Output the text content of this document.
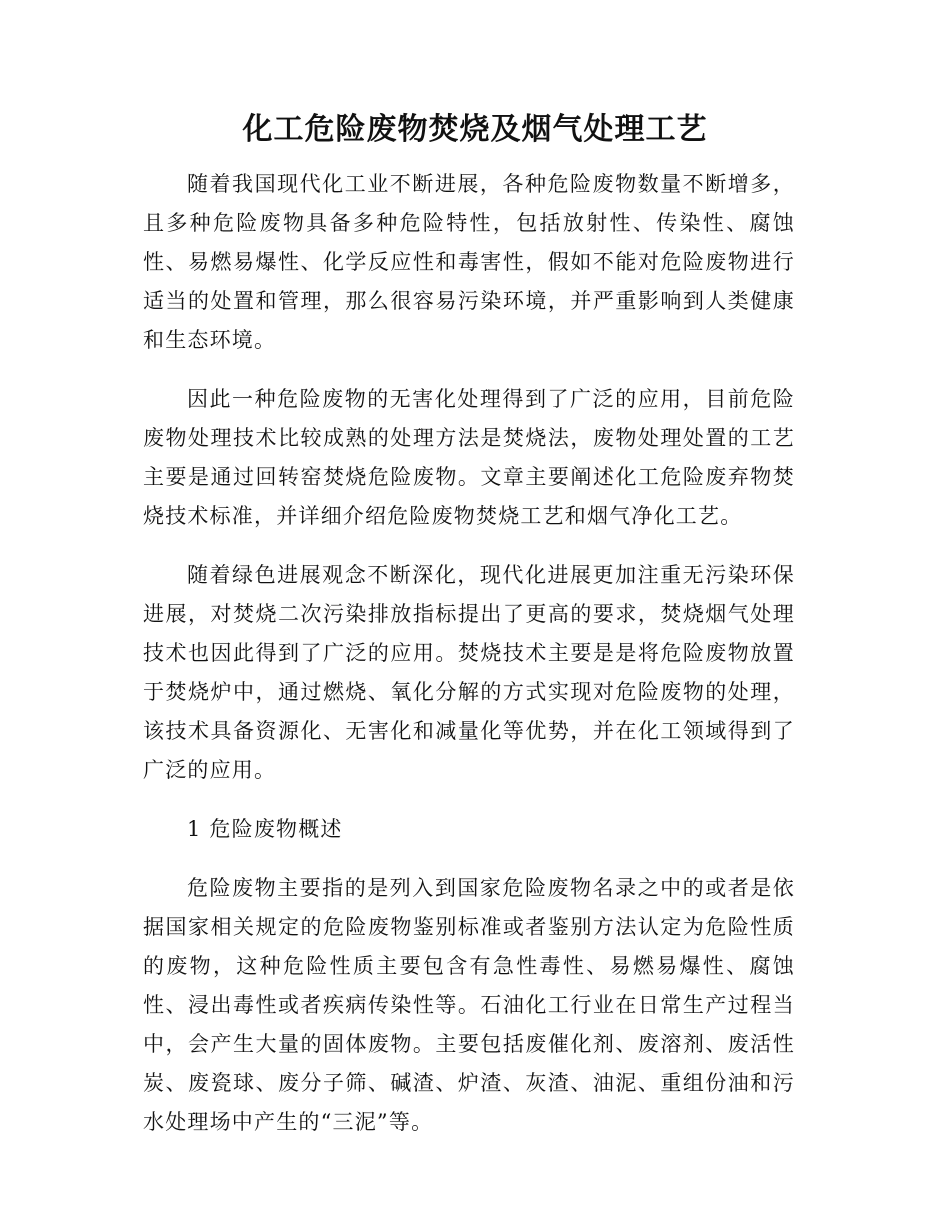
化工危险废物焚烧及烟气处理工艺

随着我国现代化工业不断进展，各种危险废物数量不断增多，且多种危险废物具备多种危险特性，包括放射性、传染性、腐蚀性、易燃易爆性、化学反应性和毒害性，假如不能对危险废物进行适当的处置和管理，那么很容易污染环境，并严重影响到人类健康和生态环境。

因此一种危险废物的无害化处理得到了广泛的应用，目前危险废物处理技术比较成熟的处理方法是焚烧法，废物处理处置的工艺主要是通过回转窑焚烧危险废物。文章主要阐述化工危险废弃物焚烧技术标准，并详细介绍危险废物焚烧工艺和烟气净化工艺。

随着绿色进展观念不断深化，现代化进展更加注重无污染环保进展，对焚烧二次污染排放指标提出了更高的要求，焚烧烟气处理技术也因此得到了广泛的应用。焚烧技术主要是是将危险废物放置于焚烧炉中，通过燃烧、氧化分解的方式实现对危险废物的处理，该技术具备资源化、无害化和减量化等优势，并在化工领域得到了广泛的应用。

1 危险废物概述

危险废物主要指的是列入到国家危险废物名录之中的或者是依据国家相关规定的危险废物鉴别标准或者鉴别方法认定为危险性质的废物，这种危险性质主要包含有急性毒性、易燃易爆性、腐蚀性、浸出毒性或者疾病传染性等。石油化工行业在日常生产过程当中，会产生大量的固体废物。主要包括废催化剂、废溶剂、废活性炭、废瓷球、废分子筛、碱渣、炉渣、灰渣、油泥、重组份油和污水处理场中产生的“三泥”等。
